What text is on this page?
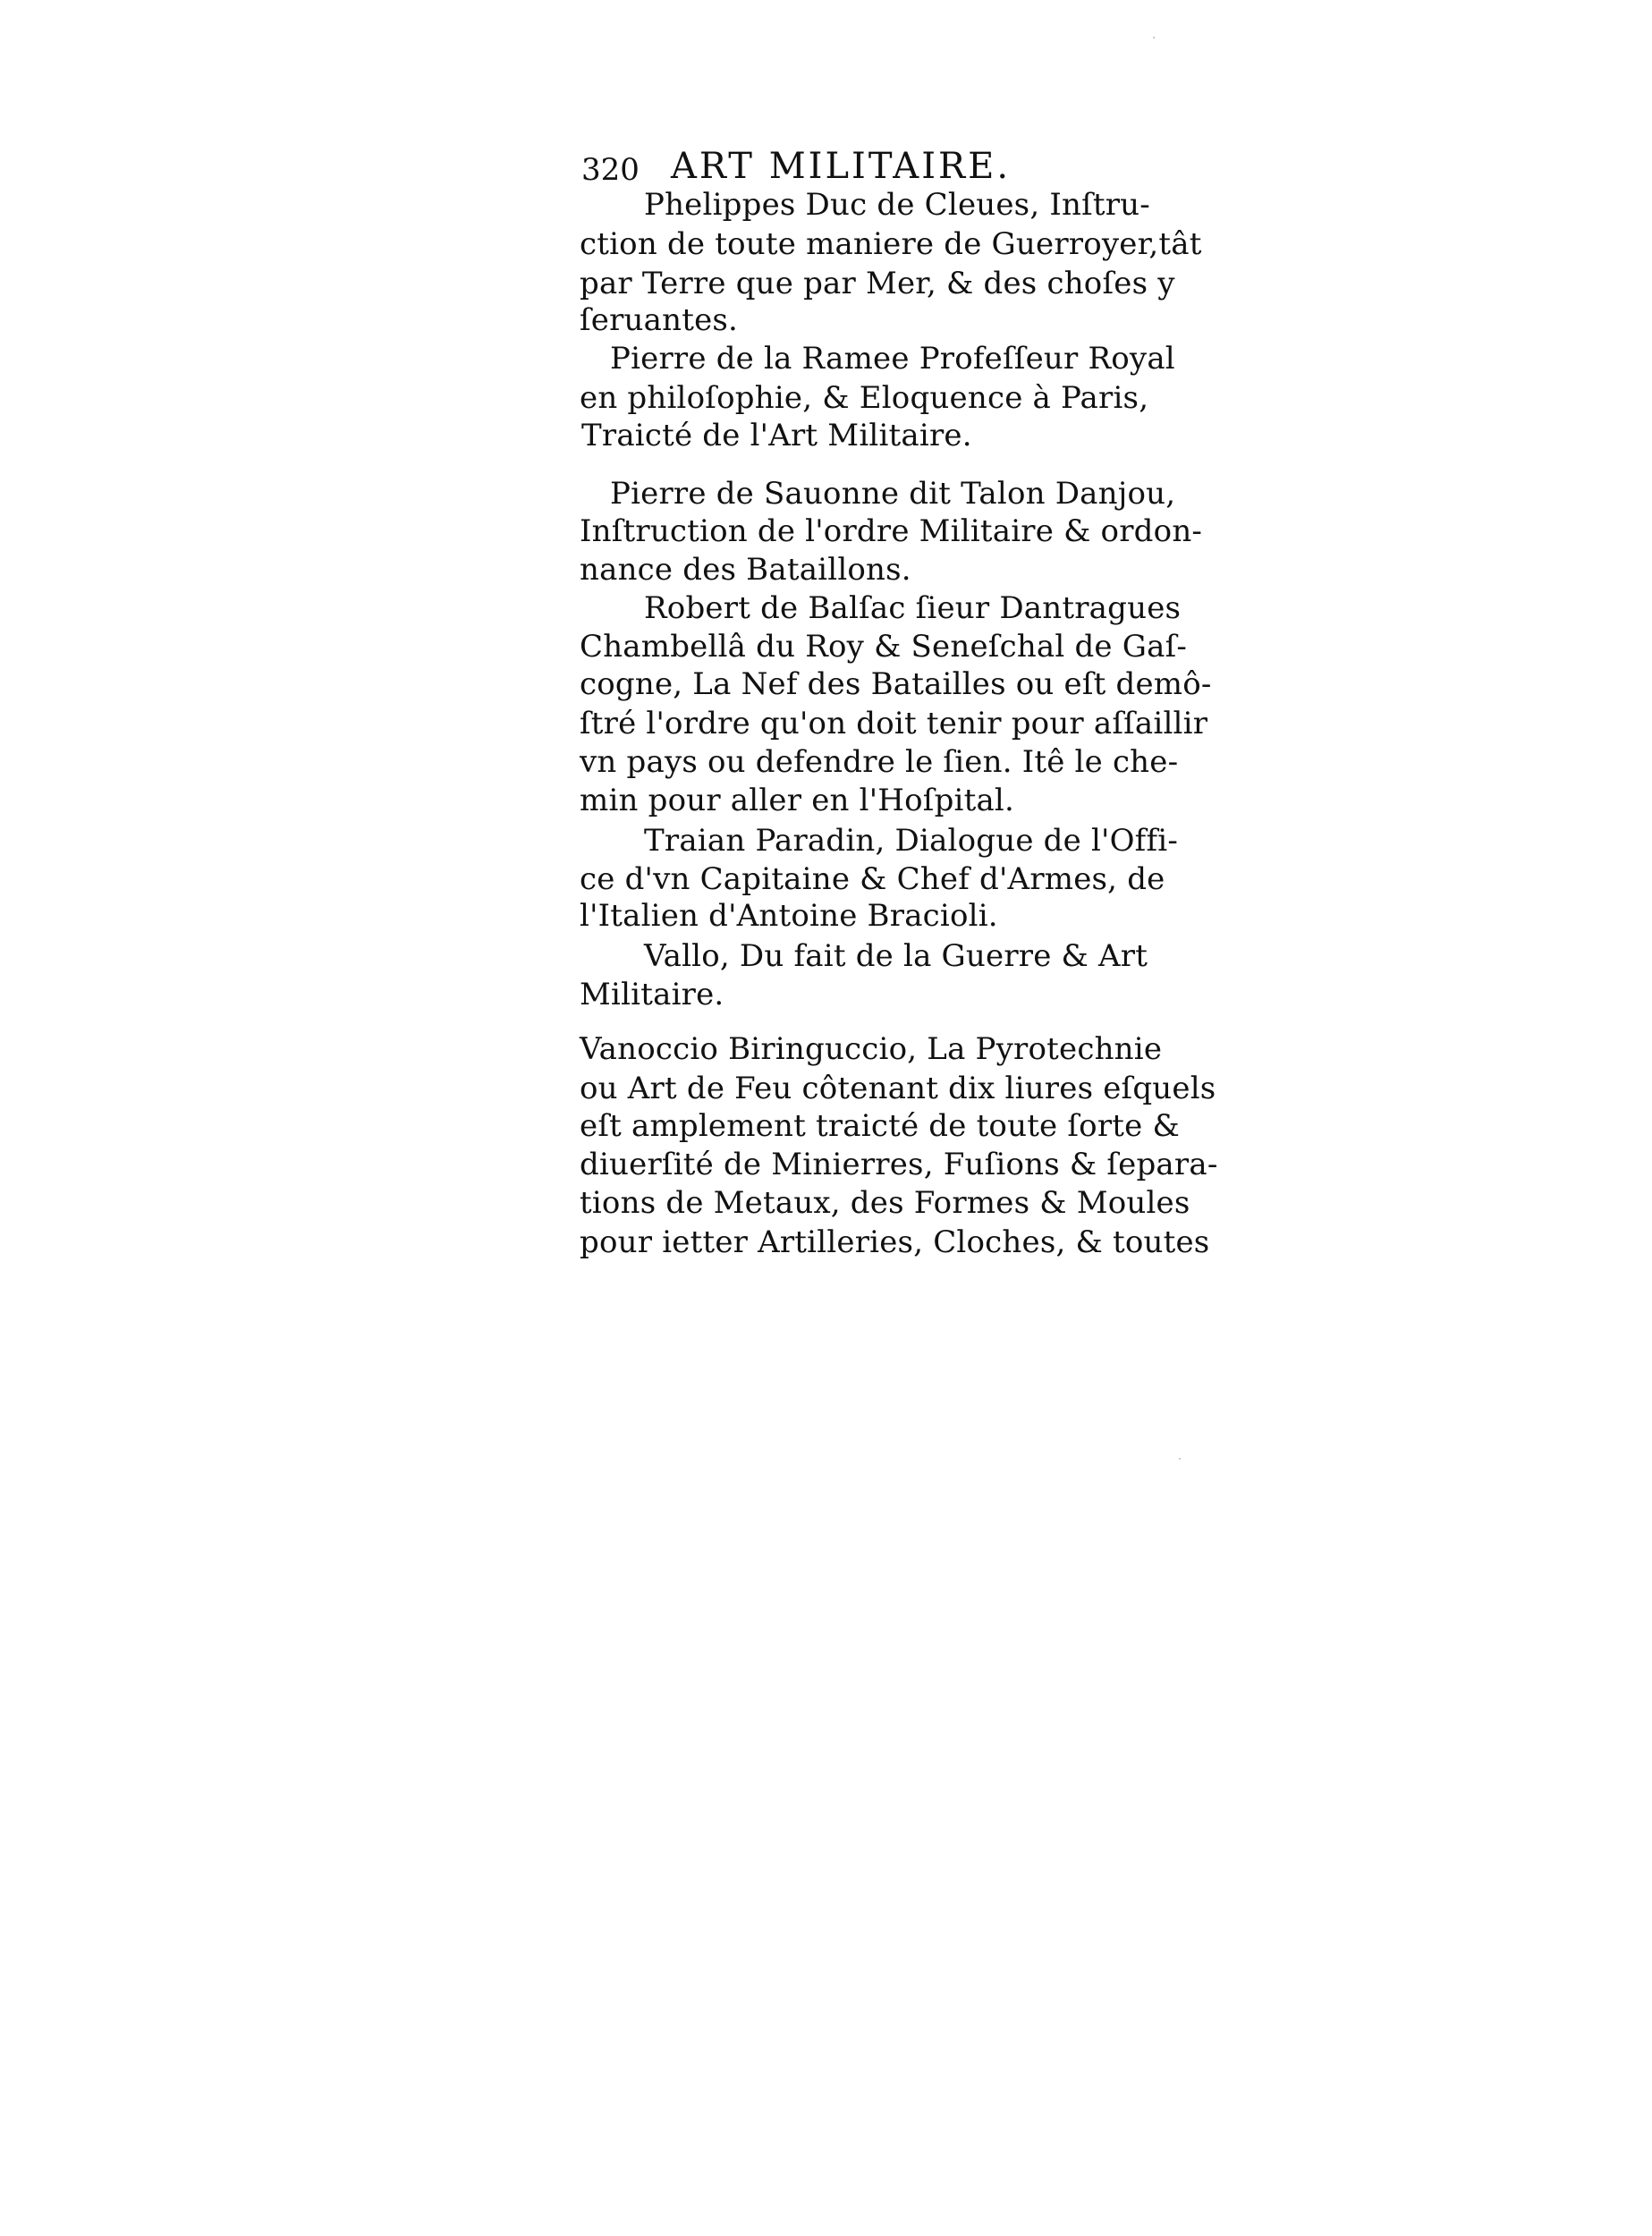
320 ART MILITAIRE.
Phelippes Duc de Cleues, Inſtru-
ction de toute maniere de Guerroyer,tât
par Terre que par Mer, & des choſes y
ſeruantes.
Pierre de la Ramee Profeſſeur Royal
en philoſophie, & Eloquence à Paris,
Traicté de l'Art Militaire.
Pierre de Sauonne dit Talon Danjou,
Inſtruction de l'ordre Militaire & ordon-
nance des Bataillons.
Robert de Balſac ſieur Dantragues
Chambellâ du Roy & Seneſchal de Gaſ-
cogne, La Nef des Batailles ou eſt demô-
ſtré l'ordre qu'on doit tenir pour aſſaillir
vn pays ou defendre le ſien. Itê le che-
min pour aller en l'Hoſpital.
Traian Paradin, Dialogue de l'Offi-
ce d'vn Capitaine & Chef d'Armes, de
l'Italien d'Antoine Bracioli.
Vallo, Du fait de la Guerre & Art
Militaire.
Vanoccio Biringuccio, La Pyrotechnie
ou Art de Feu côtenant dix liures eſquels
eſt amplement traicté de toute ſorte &
diuerſité de Minierres, Fuſions & ſepara-
tions de Metaux, des Formes & Moules
pour ietter Artilleries, Cloches, & toutes
